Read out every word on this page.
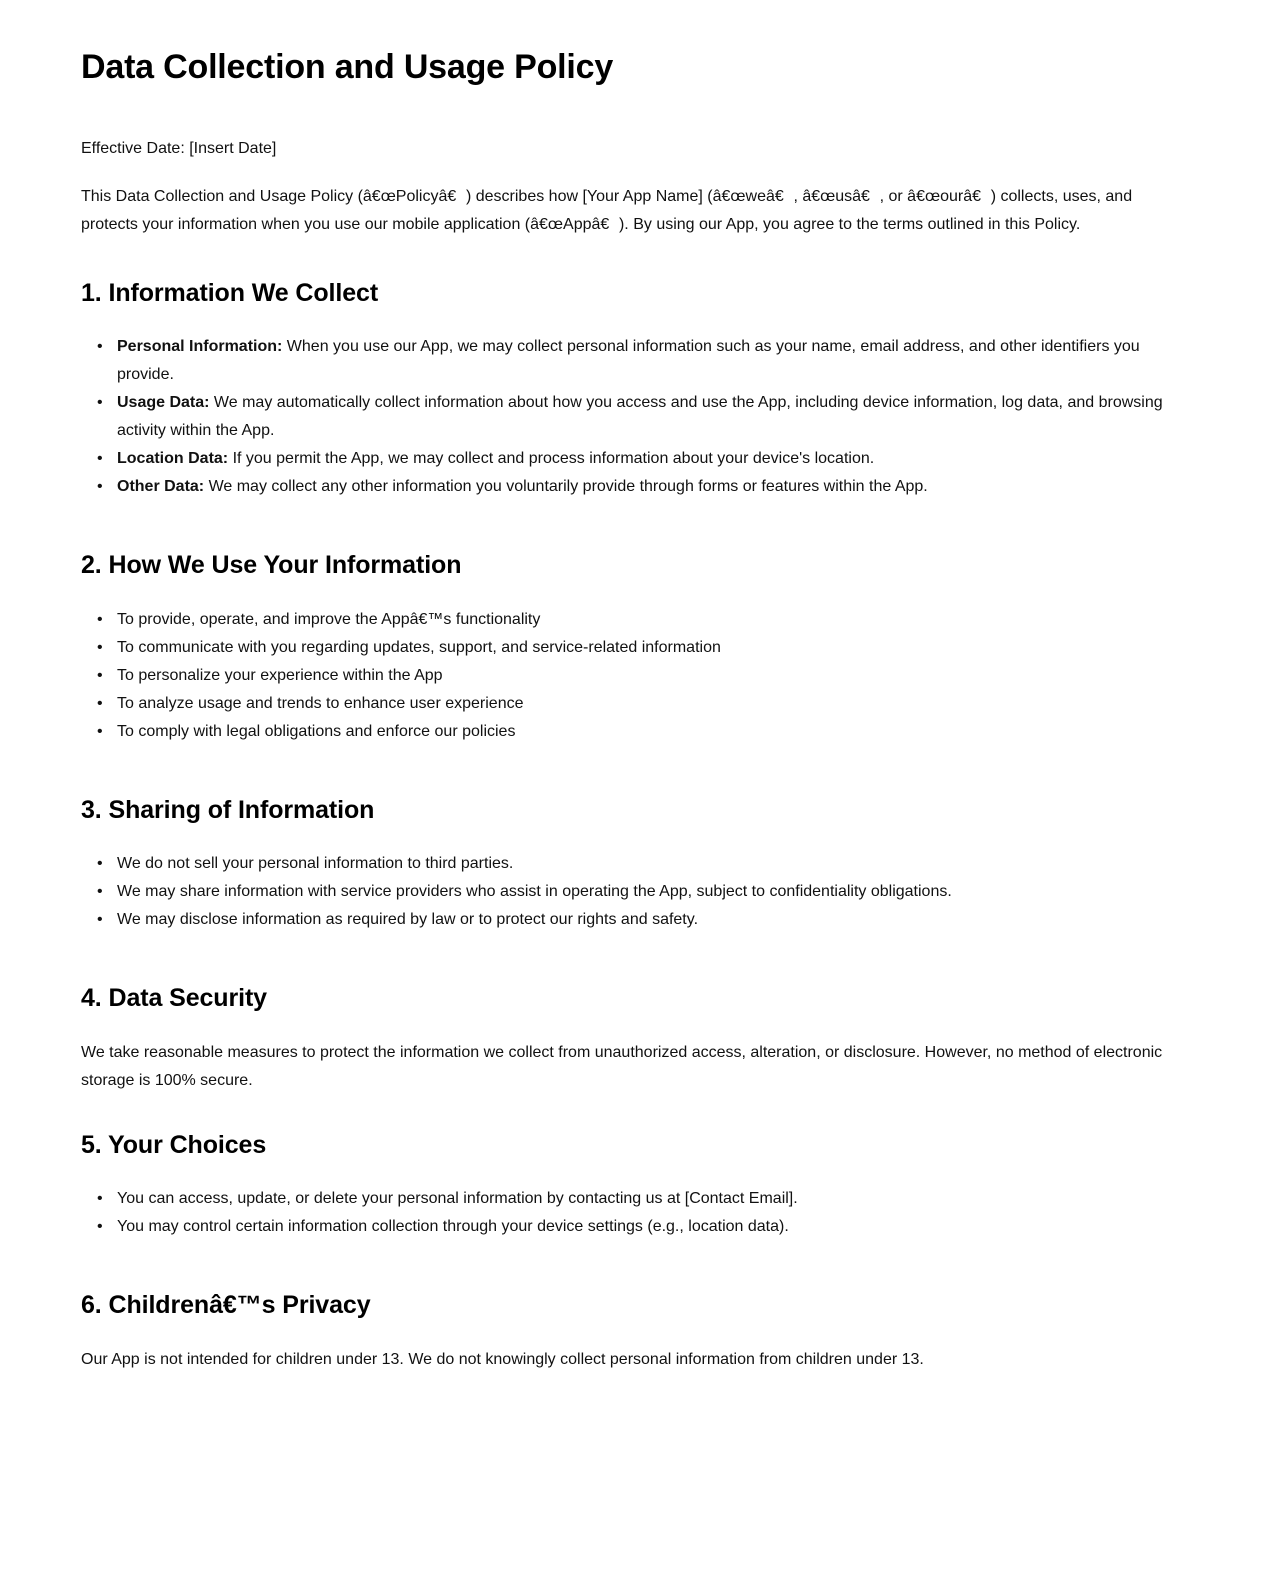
Data Collection and Usage Policy

Effective Date: [Insert Date]

This Data Collection and Usage Policy (â€œPolicyâ€) describes how [Your App Name] (â€œweâ€, â€œusâ€, or â€œourâ€) collects, uses, and protects your information when you use our mobile application (â€œAppâ€). By using our App, you agree to the terms outlined in this Policy.

1. Information We Collect
• Personal Information: When you use our App, we may collect personal information such as your name, email address, and other identifiers you provide.
• Usage Data: We may automatically collect information about how you access and use the App, including device information, log data, and browsing activity within the App.
• Location Data: If you permit the App, we may collect and process information about your device's location.
• Other Data: We may collect any other information you voluntarily provide through forms or features within the App.
2. How We Use Your Information
• To provide, operate, and improve the Appâ€™s functionality
• To communicate with you regarding updates, support, and service-related information
• To personalize your experience within the App
• To analyze usage and trends to enhance user experience
• To comply with legal obligations and enforce our policies
3. Sharing of Information
• We do not sell your personal information to third parties.
• We may share information with service providers who assist in operating the App, subject to confidentiality obligations.
• We may disclose information as required by law or to protect our rights and safety.
4. Data Security

We take reasonable measures to protect the information we collect from unauthorized access, alteration, or disclosure. However, no method of electronic storage is 100% secure.

5. Your Choices
• You can access, update, or delete your personal information by contacting us at [Contact Email].
• You may control certain information collection through your device settings (e.g., location data).
6. Childrenâ€™s Privacy

Our App is not intended for children under 13. We do not knowingly collect personal information from children under 13.
